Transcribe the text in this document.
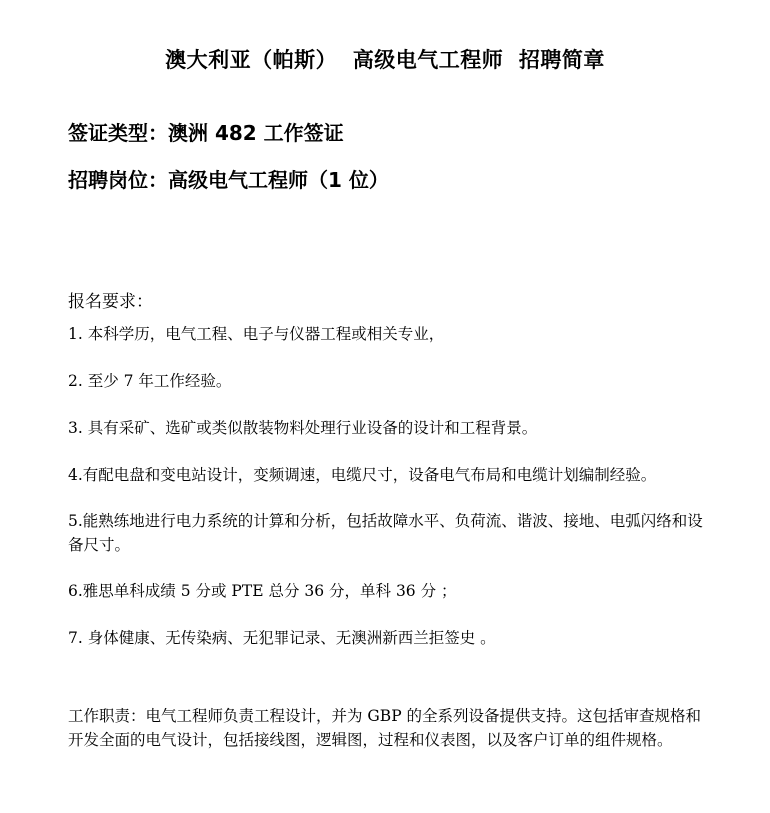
澳大利亚（帕斯）  高级电气工程师  招聘简章
签证类型：澳洲 482 工作签证
招聘岗位：高级电气工程师（1 位）
报名要求：
1. 本科学历，电气工程、电子与仪器工程或相关专业，
2. 至少 7 年工作经验。
3. 具有采矿、选矿或类似散装物料处理行业设备的设计和工程背景。
4.有配电盘和变电站设计，变频调速，电缆尺寸，设备电气布局和电缆计划编制经验。
5.能熟练地进行电力系统的计算和分析，包括故障水平、负荷流、谐波、接地、电弧闪络和设备尺寸。
6.雅思单科成绩 5 分或 PTE 总分 36 分，单科 36 分 ；
7. 身体健康、无传染病、无犯罪记录、无澳洲新西兰拒签史 。
工作职责：电气工程师负责工程设计，并为 GBP 的全系列设备提供支持。这包括审查规格和开发全面的电气设计，包括接线图，逻辑图，过程和仪表图，以及客户订单的组件规格。
